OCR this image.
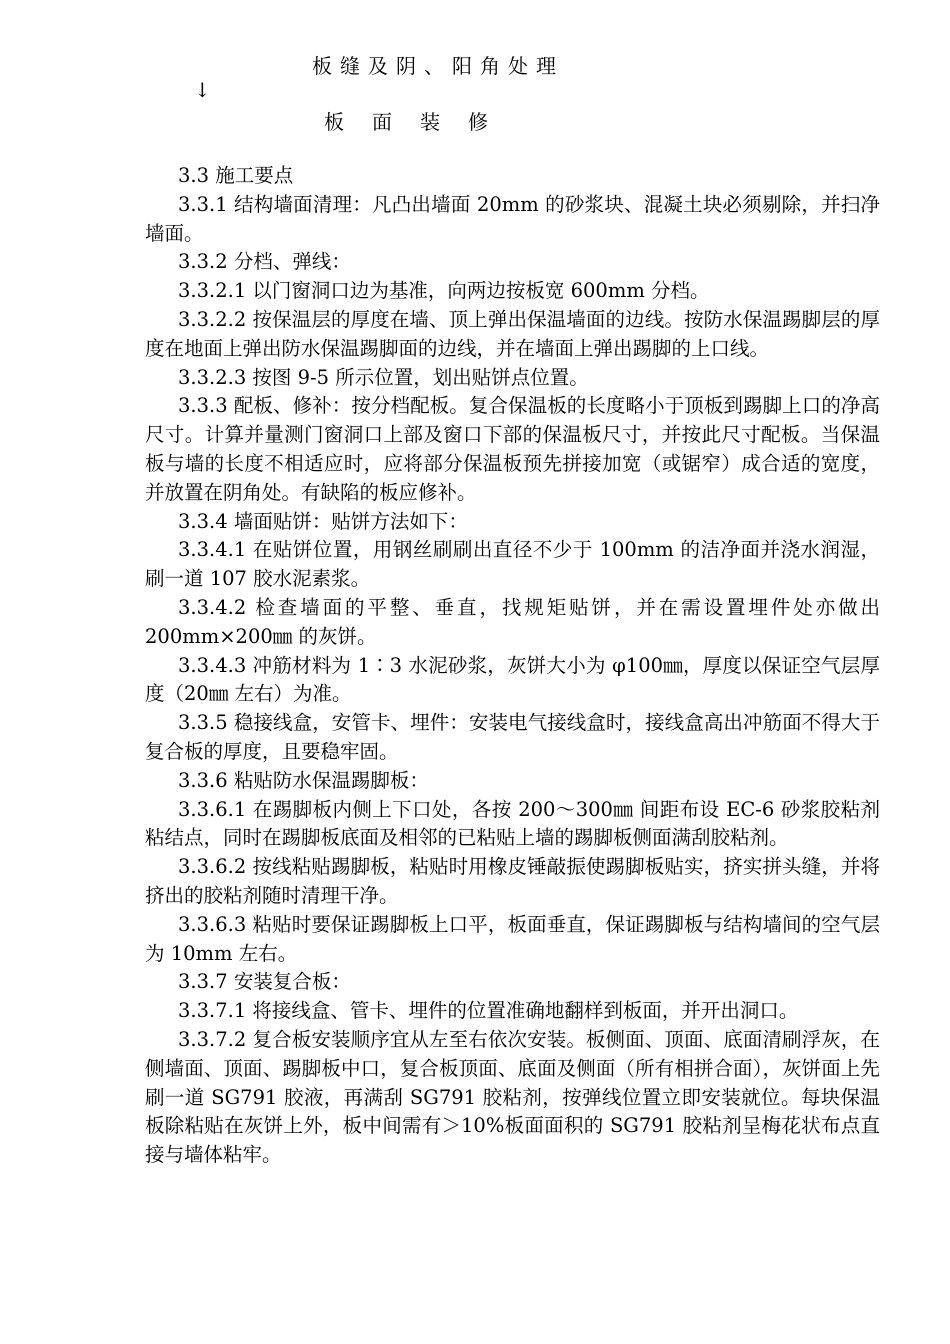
板缝及阴、阳角处理
↓
板面装修

3.3 施工要点

3.3.1 结构墙面清理：凡凸出墙面 20mm 的砂浆块、混凝土块必须剔除，并扫净墙面。

3.3.2 分档、弹线：

3.3.2.1 以门窗洞口边为基准，向两边按板宽 600mm 分档。

3.3.2.2 按保温层的厚度在墙、顶上弹出保温墙面的边线。按防水保温踢脚层的厚度在地面上弹出防水保温踢脚面的边线，并在墙面上弹出踢脚的上口线。

3.3.2.3 按图 9-5 所示位置，划出贴饼点位置。

3.3.3 配板、修补：按分档配板。复合保温板的长度略小于顶板到踢脚上口的净高尺寸。计算并量测门窗洞口上部及窗口下部的保温板尺寸，并按此尺寸配板。当保温板与墙的长度不相适应时，应将部分保温板预先拼接加宽（或锯窄）成合适的宽度，并放置在阴角处。有缺陷的板应修补。

3.3.4 墙面贴饼：贴饼方法如下：

3.3.4.1 在贴饼位置，用钢丝刷刷出直径不少于 100mm 的洁净面并浇水润湿，刷一道 107 胶水泥素浆。

3.3.4.2 检查墙面的平整、垂直，找规矩贴饼，并在需设置埋件处亦做出 200mm×200㎜ 的灰饼。

3.3.4.3 冲筋材料为 1∶3 水泥砂浆，灰饼大小为 φ100㎜，厚度以保证空气层厚度（20㎜ 左右）为准。

3.3.5 稳接线盒，安管卡、埋件：安装电气接线盒时，接线盒高出冲筋面不得大于复合板的厚度，且要稳牢固。

3.3.6 粘贴防水保温踢脚板：

3.3.6.1 在踢脚板内侧上下口处，各按 200～300㎜ 间距布设 EC-6 砂浆胶粘剂粘结点，同时在踢脚板底面及相邻的已粘贴上墙的踢脚板侧面满刮胶粘剂。

3.3.6.2 按线粘贴踢脚板，粘贴时用橡皮锤敲振使踢脚板贴实，挤实拼头缝，并将挤出的胶粘剂随时清理干净。

3.3.6.3 粘贴时要保证踢脚板上口平，板面垂直，保证踢脚板与结构墙间的空气层为 10mm 左右。

3.3.7 安装复合板：

3.3.7.1 将接线盒、管卡、埋件的位置准确地翻样到板面，并开出洞口。

3.3.7.2 复合板安装顺序宜从左至右依次安装。板侧面、顶面、底面清刷浮灰，在侧墙面、顶面、踢脚板中口，复合板顶面、底面及侧面（所有相拼合面），灰饼面上先刷一道 SG791 胶液，再满刮 SG791 胶粘剂，按弹线位置立即安装就位。每块保温板除粘贴在灰饼上外，板中间需有＞10%板面面积的 SG791 胶粘剂呈梅花状布点直接与墙体粘牢。
